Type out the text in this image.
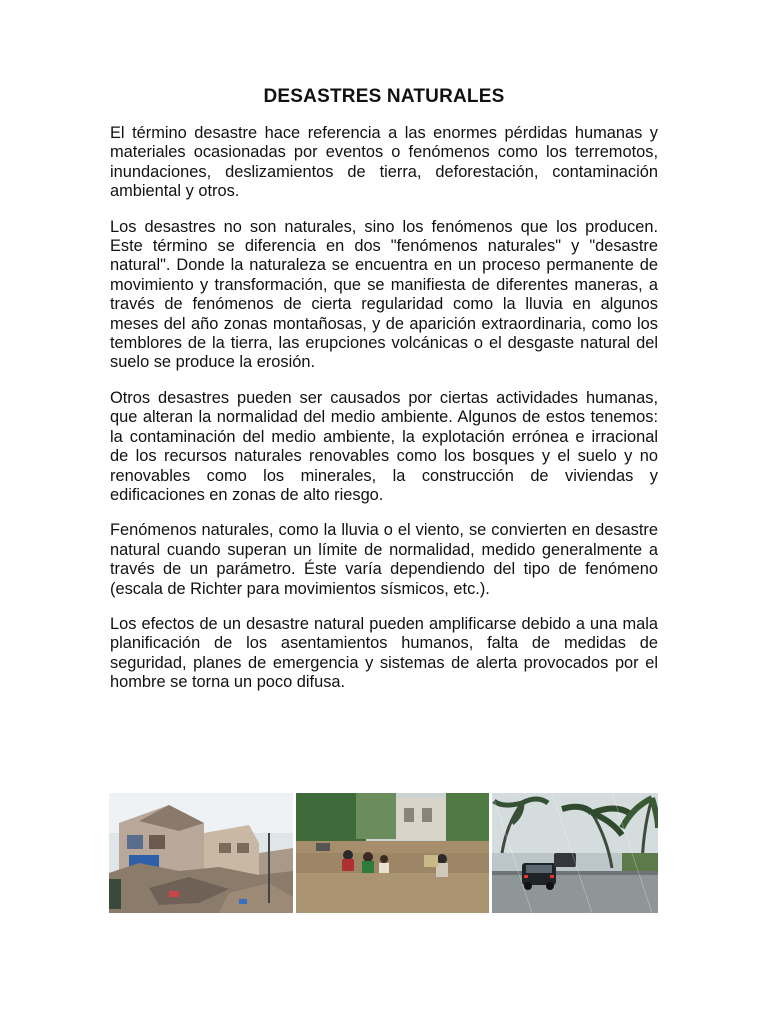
DESASTRES NATURALES

El término desastre hace referencia a las enormes pérdidas humanas y materiales ocasionadas por eventos o fenómenos como los terremotos, inundaciones, deslizamientos de tierra, deforestación, contaminación ambiental y otros.

Los desastres no son naturales, sino los fenómenos que los producen. Este término se diferencia en dos "fenómenos naturales" y "desastre natural". Donde la naturaleza se encuentra en un proceso permanente de movimiento y transformación, que se manifiesta de diferentes maneras, a través de fenómenos de cierta regularidad como la lluvia en algunos meses del año zonas montañosas, y de aparición extraordinaria, como los temblores de la tierra, las erupciones volcánicas o el desgaste natural del suelo se produce la erosión.

Otros desastres pueden ser causados por ciertas actividades humanas, que alteran la normalidad del medio ambiente. Algunos de estos tenemos: la contaminación del medio ambiente, la explotación errónea e irracional de los recursos naturales renovables como los bosques y el suelo y no renovables como los minerales, la construcción de viviendas y edificaciones en zonas de alto riesgo.

Fenómenos naturales, como la lluvia o el viento, se convierten en desastre natural cuando superan un límite de normalidad, medido generalmente a través de un parámetro. Éste varía dependiendo del tipo de fenómeno (escala de Richter para movimientos sísmicos, etc.).

Los efectos de un desastre natural pueden amplificarse debido a una mala planificación de los asentamientos humanos, falta de medidas de seguridad, planes de emergencia y sistemas de alerta provocados por el hombre se torna un poco difusa.
